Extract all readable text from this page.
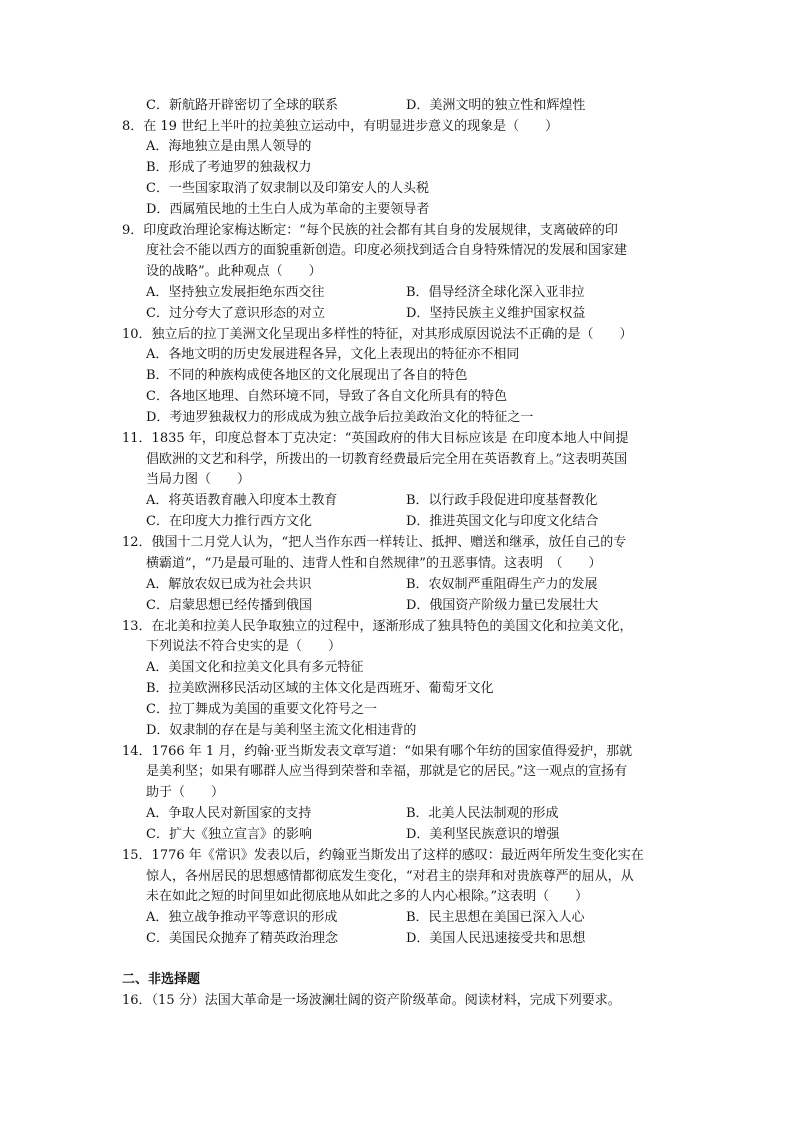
C．新航路开辟密切了全球的联系	D．美洲文明的独立性和辉煌性
8．在 19 世纪上半叶的拉美独立运动中，有明显进步意义的现象是（　　）
A．海地独立是由黑人领导的
B．形成了考迪罗的独裁权力
C．一些国家取消了奴隶制以及印第安人的人头税
D．西属殖民地的土生白人成为革命的主要领导者
9．印度政治理论家梅达断定：“每个民族的社会都有其自身的发展规律，支离破碎的印
度社会不能以西方的面貌重新创造。印度必须找到适合自身特殊情况的发展和国家建
设的战略”。此种观点（　　）
A．坚持独立发展拒绝东西交往	B．倡导经济全球化深入亚非拉
C．过分夸大了意识形态的对立	D．坚持民族主义维护国家权益
10．独立后的拉丁美洲文化呈现出多样性的特征，对其形成原因说法不正确的是（　　）
A．各地文明的历史发展进程各异，文化上表现出的特征亦不相同
B．不同的种族构成使各地区的文化展现出了各自的特色
C．各地区地理、自然环境不同，导致了各自文化所具有的特色
D．考迪罗独裁权力的形成成为独立战争后拉美政治文化的特征之一
11．1835 年，印度总督本丁克决定：“英国政府的伟大目标应该是 在印度本地人中间提
倡欧洲的文艺和科学，所拨出的一切教育经费最后完全用在英语教育上。”这表明英国
当局力图（　　）
A．将英语教育融入印度本土教育	B．以行政手段促进印度基督教化
C．在印度大力推行西方文化	D．推进英国文化与印度文化结合
12．俄国十二月党人认为，“把人当作东西一样转让、抵押、赠送和继承，放任自己的专
横霸道”，“乃是最可耻的、违背人性和自然规律”的丑恶事情。这表明　（　　）
A．解放农奴已成为社会共识	B．农奴制严重阻碍生产力的发展
C．启蒙思想已经传播到俄国	D．俄国资产阶级力量已发展壮大
13．在北美和拉美人民争取独立的过程中，逐渐形成了独具特色的美国文化和拉美文化，
下列说法不符合史实的是（　　）
A．美国文化和拉美文化具有多元特征
B．拉美欧洲移民活动区域的主体文化是西班牙、葡萄牙文化
C．拉丁舞成为美国的重要文化符号之一
D．奴隶制的存在是与美利坚主流文化相违背的
14．1766 年 1 月，约翰·亚当斯发表文章写道：“如果有哪个年纺的国家值得爱护，那就
是美利坚；如果有哪群人应当得到荣誉和幸福，那就是它的居民。”这一观点的宣扬有
助于（　　）
A．争取人民对新国家的支持	B．北美人民法制观的形成
C．扩大《独立宣言》的影响	D．美利坚民族意识的增强
15．1776 年《常识》发表以后，约翰亚当斯发出了这样的感叹：最近两年所发生变化实在
惊人，各州居民的思想感情都彻底发生变化，“对君主的崇拜和对贵族尊严的屈从，从
未在如此之短的时间里如此彻底地从如此之多的人内心根除。”这表明（　　）
A．独立战争推动平等意识的形成	B．民主思想在美国已深入人心
C．美国民众抛弃了精英政治理念	D．美国人民迅速接受共和思想
二、非选择题
16．（15 分）法国大革命是一场波澜壮阔的资产阶级革命。阅读材料，完成下列要求。
